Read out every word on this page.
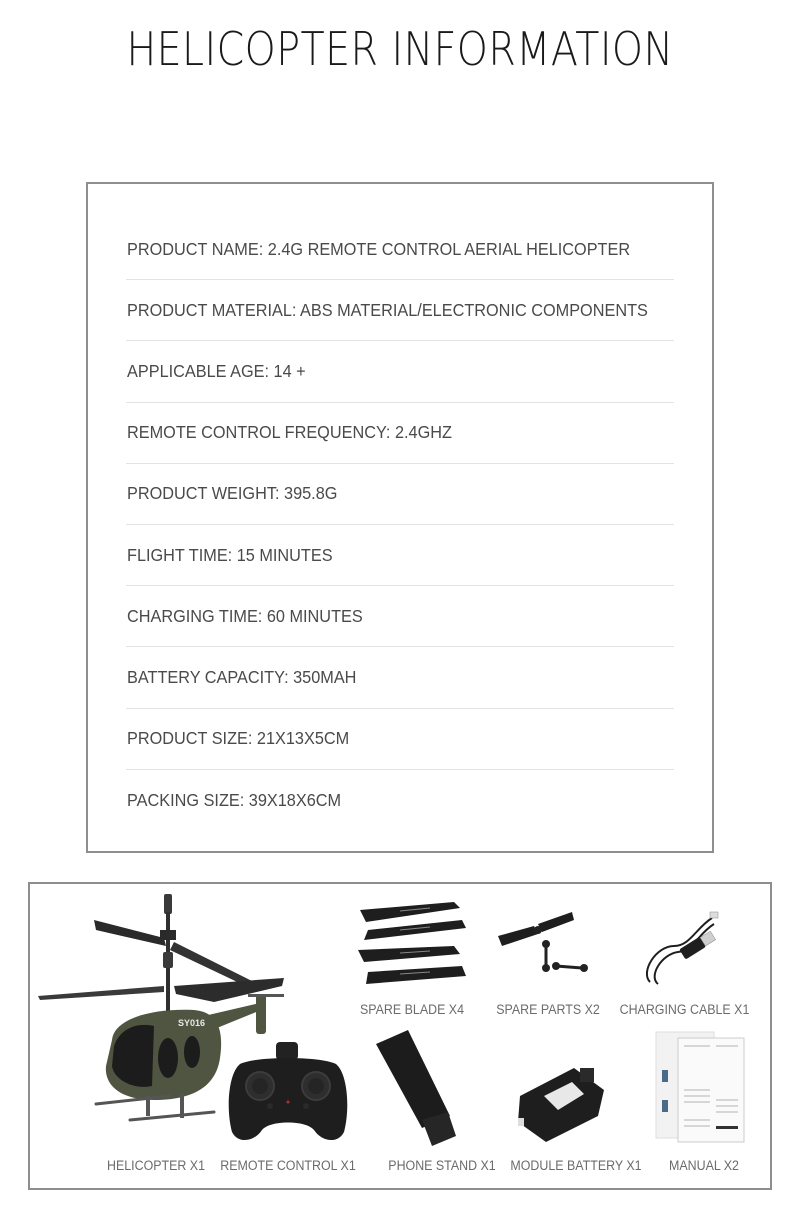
HELICOPTER INFORMATION
PRODUCT NAME: 2.4G REMOTE CONTROL AERIAL HELICOPTER
PRODUCT MATERIAL: ABS MATERIAL/ELECTRONIC COMPONENTS
APPLICABLE AGE: 14 +
REMOTE CONTROL FREQUENCY: 2.4GHZ
PRODUCT WEIGHT: 395.8G
FLIGHT TIME: 15 MINUTES
CHARGING TIME: 60 MINUTES
BATTERY CAPACITY: 350MAH
PRODUCT SIZE: 21X13X5CM
PACKING SIZE: 39X18X6CM
SY016
SPARE BLADE X4	SPARE PARTS X2	CHARGING CABLE X1
PHONE STAND X1	MODULE BATTERY X1	MANUAL X2
HELICOPTER X1	REMOTE CONTROL X1
